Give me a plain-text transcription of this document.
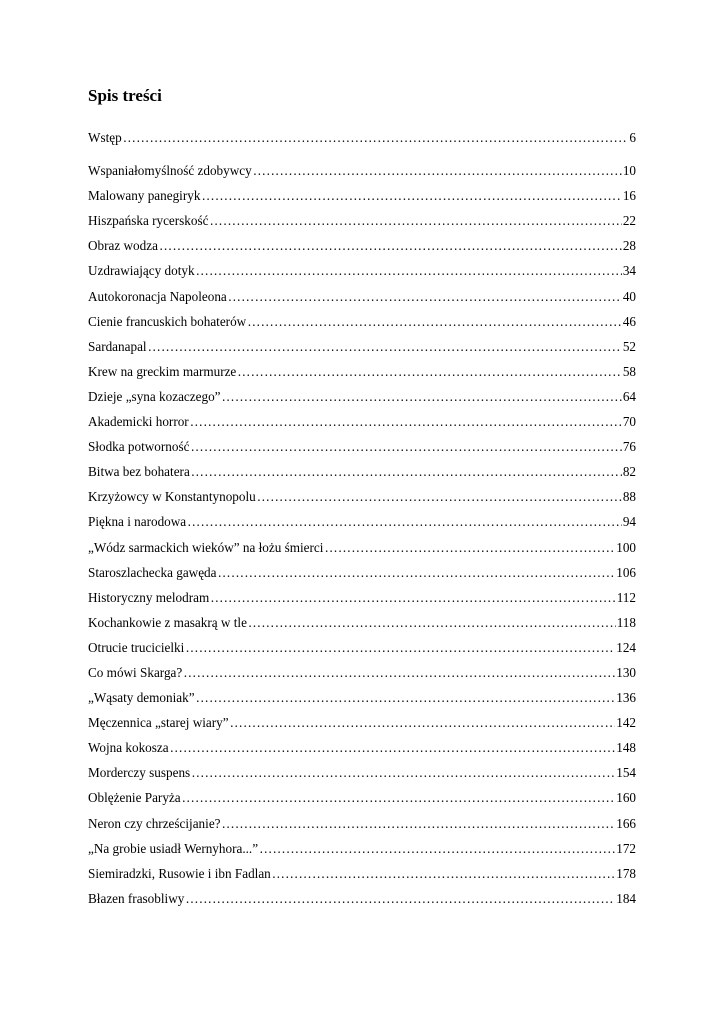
Spis treści
Wstęp …………………………………………………………………………………………………………………………………………………………………………	6
Wspaniałomyślność zdobywcy …………………………………………………………………………………………………………………………………………………………………………	10
Malowany panegiryk …………………………………………………………………………………………………………………………………………………………………………	16
Hiszpańska rycerskość …………………………………………………………………………………………………………………………………………………………………………	22
Obraz wodza …………………………………………………………………………………………………………………………………………………………………………	28
Uzdrawiający dotyk …………………………………………………………………………………………………………………………………………………………………………	34
Autokoronacja Napoleona …………………………………………………………………………………………………………………………………………………………………………	40
Cienie francuskich bohaterów …………………………………………………………………………………………………………………………………………………………………………	46
Sardanapal …………………………………………………………………………………………………………………………………………………………………………	52
Krew na greckim marmurze …………………………………………………………………………………………………………………………………………………………………………	58
Dzieje „syna kozaczego” …………………………………………………………………………………………………………………………………………………………………………	64
Akademicki horror …………………………………………………………………………………………………………………………………………………………………………	70
Słodka potworność …………………………………………………………………………………………………………………………………………………………………………	76
Bitwa bez bohatera …………………………………………………………………………………………………………………………………………………………………………	82
Krzyżowcy w Konstantynopolu …………………………………………………………………………………………………………………………………………………………………………	88
Piękna i narodowa …………………………………………………………………………………………………………………………………………………………………………	94
„Wódz sarmackich wieków” na łożu śmierci …………………………………………………………………………………………………………………………………………………………………………	100
Staroszlachecka gawęda …………………………………………………………………………………………………………………………………………………………………………	106
Historyczny melodram …………………………………………………………………………………………………………………………………………………………………………	112
Kochankowie z masakrą w tle …………………………………………………………………………………………………………………………………………………………………………	118
Otrucie trucicielki …………………………………………………………………………………………………………………………………………………………………………	124
Co mówi Skarga? …………………………………………………………………………………………………………………………………………………………………………	130
„Wąsaty demoniak” …………………………………………………………………………………………………………………………………………………………………………	136
Męczennica „starej wiary” …………………………………………………………………………………………………………………………………………………………………………	142
Wojna kokosza …………………………………………………………………………………………………………………………………………………………………………	148
Morderczy suspens …………………………………………………………………………………………………………………………………………………………………………	154
Oblężenie Paryża …………………………………………………………………………………………………………………………………………………………………………	160
Neron czy chrześcijanie? …………………………………………………………………………………………………………………………………………………………………………	166
„Na grobie usiadł Wernyhora...” …………………………………………………………………………………………………………………………………………………………………………	172
Siemiradzki, Rusowie i ibn Fadlan …………………………………………………………………………………………………………………………………………………………………………	178
Błazen frasobliwy …………………………………………………………………………………………………………………………………………………………………………	184
